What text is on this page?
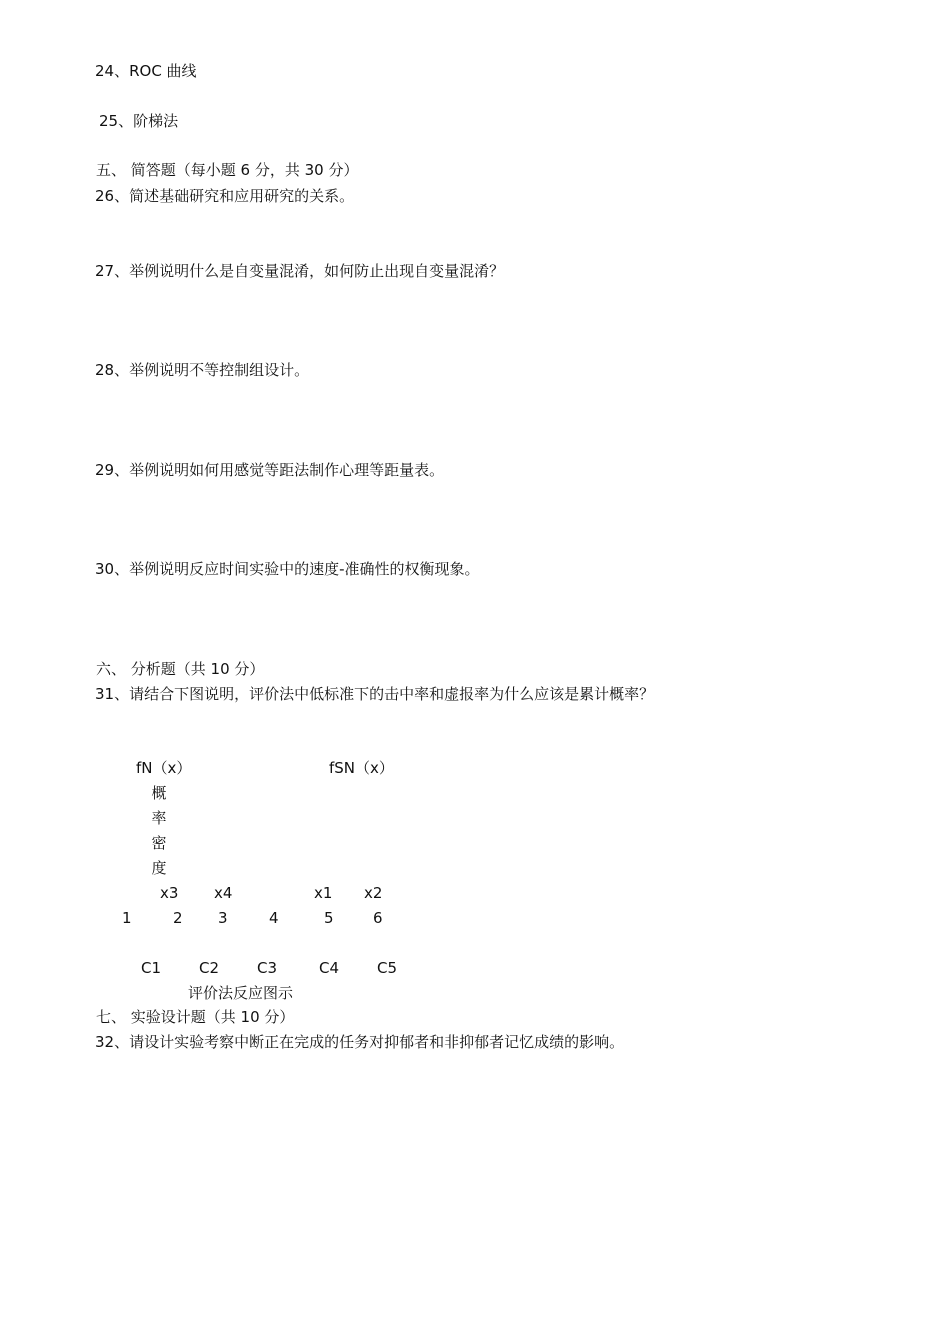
24、ROC 曲线
25、阶梯法
五、 简答题（每小题 6 分，共 30 分）
26、简述基础研究和应用研究的关系。
27、举例说明什么是自变量混淆，如何防止出现自变量混淆？
28、举例说明不等控制组设计。
29、举例说明如何用感觉等距法制作心理等距量表。
30、举例说明反应时间实验中的速度-准确性的权衡现象。
六、 分析题（共 10 分）
31、请结合下图说明，评价法中低标准下的击中率和虚报率为什么应该是累计概率？
fN（x）	fSN（x）
概
率
密
度
x3 x4	x1 x2
1	2 3	4	5	6
C1	C2	C3	C4	C5
评价法反应图示
七、 实验设计题（共 10 分）
32、请设计实验考察中断正在完成的任务对抑郁者和非抑郁者记忆成绩的影响。
